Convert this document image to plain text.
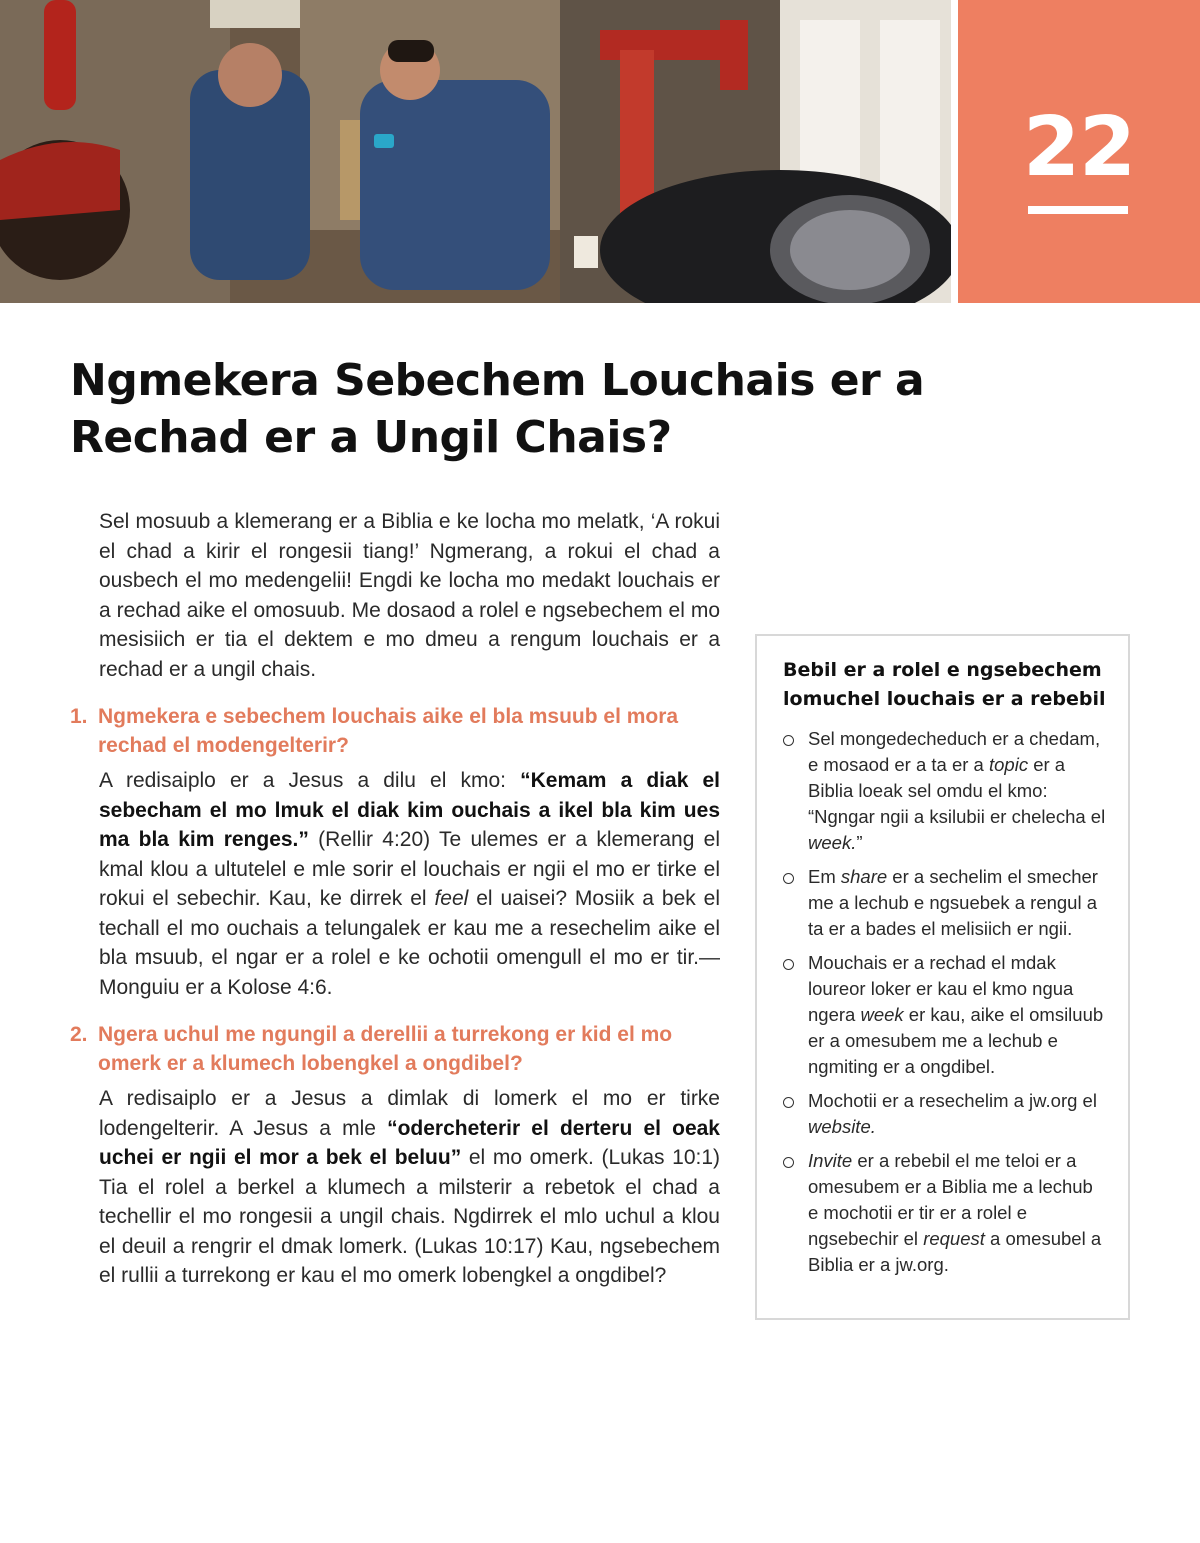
22
Ngmekera Sebechem Louchais er a Rechad er a Ungil Chais?

Sel mosuub a klemerang er a Biblia e ke locha mo melatk, ‘A rokui el chad a kirir el rongesii tiang!’ Ngmerang, a rokui el chad a ousbech el mo medengelii! Engdi ke locha mo medakt louchais er a rechad aike el omosuub. Me dosaod a rolel e ngsebechem el mo mesisiich er tia el dektem e mo dmeu a rengum louchais er a rechad er a ungil chais.

1. Ngmekera e sebechem louchais aike el bla msuub el mora rechad el modengelterir?

A redisaiplo er a Jesus a dilu el kmo: “Kemam a diak el sebecham el mo lmuk el diak kim ouchais a ikel bla kim ues ma bla kim renges.” (Rellir 4:20) Te ulemes er a klemerang el kmal klou a ultutelel e mle sorir el louchais er ngii el mo er tirke el rokui el sebechir. Kau, ke dirrek el feel el uaisei? Mosiik a bek el techall el mo ouchais a telungalek er kau me a resechelim aike el bla msuub, el ngar er a rolel e ke ochotii omengull el mo er tir.—Monguiu er a Kolose 4:6.

2. Ngera uchul me ngungil a derellii a turrekong er kid el mo omerk er a klumech lobengkel a ongdibel?

A redisaiplo er a Jesus a dimlak di lomerk el mo er tirke lodengelterir. A Jesus a mle “odercheterir el derteru el oeak uchei er ngii el mor a bek el beluu” el mo omerk. (Lukas 10:1) Tia el rolel a berkel a klumech a milsterir a rebetok el chad a techellir el mo rongesii a ungil chais. Ngdirrek el mlo uchul a klou el deuil a rengrir el dmak lomerk. (Lukas 10:17) Kau, ngsebechem el rullii a turrekong er kau el mo omerk lobengkel a ongdibel?

Bebil er a rolel e ngsebechem lomuchel louchais er a rebebil
Sel mongedecheduch er a chedam, e mosaod er a ta er a topic er a Biblia loeak sel omdu el kmo: “Ngngar ngii a ksilubii er chelecha el week.”
Em share er a sechelim el smecher me a lechub e ngsuebek a rengul a ta er a bades el melisiich er ngii.
Mouchais er a rechad el mdak loureor loker er kau el kmo ngua ngera week er kau, aike el omsiluub er a omesubem me a lechub e ngmiting er a ongdibel.
Mochotii er a resechelim a jw.org el website.
Invite er a rebebil el me teloi er a omesubem er a Biblia me a lechub e mochotii er tir er a rolel e ngsebechir el request a omesubel a Biblia er a jw.org.
